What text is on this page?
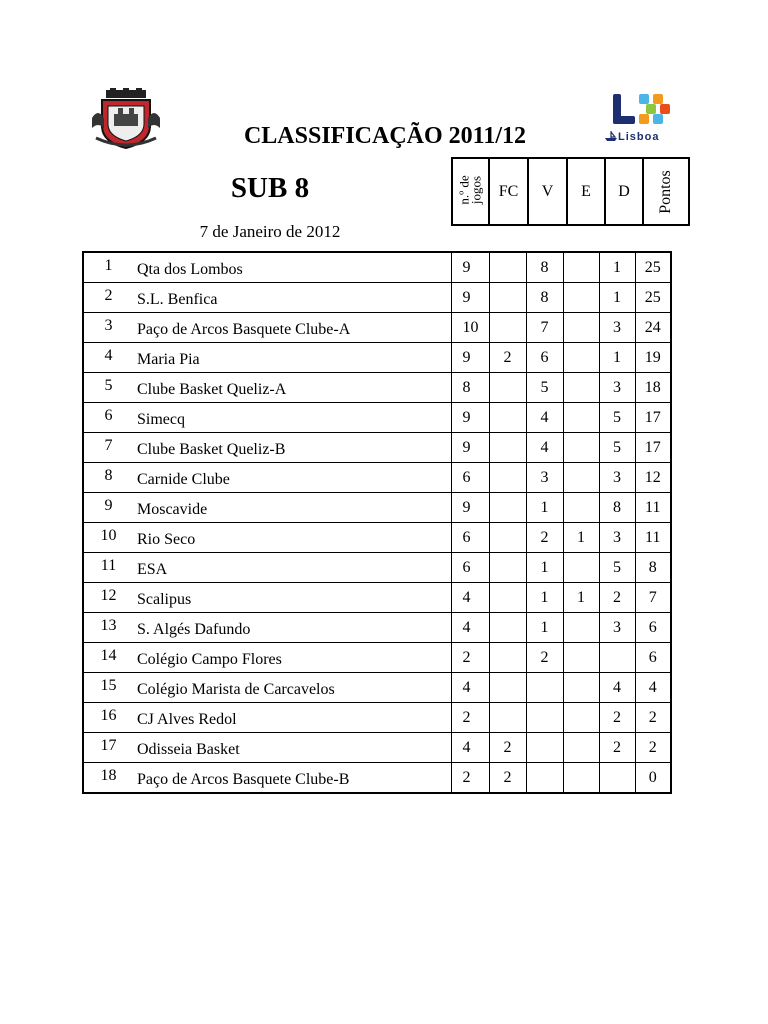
Lisboa
CLASSIFICAÇÃO 2011/12
SUB 8
7 de Janeiro de 2012
n.º de
jogos	FC	V	E	D	Pontos
1	Qta dos Lombos	9		8		1	25
2	S.L. Benfica	9		8		1	25
3	Paço de Arcos Basquete Clube-A	10		7		3	24
4	Maria Pia	9	2	6		1	19
5	Clube Basket Queliz-A	8		5		3	18
6	Simecq	9		4		5	17
7	Clube Basket Queliz-B	9		4		5	17
8	Carnide Clube	6		3		3	12
9	Moscavide	9		1		8	11
10	Rio Seco	6		2	1	3	11
11	ESA	6		1		5	8
12	Scalipus	4		1	1	2	7
13	S. Algés Dafundo	4		1		3	6
14	Colégio Campo Flores	2		2			6
15	Colégio Marista de Carcavelos	4				4	4
16	CJ Alves Redol	2				2	2
17	Odisseia Basket	4	2			2	2
18	Paço de Arcos Basquete Clube-B	2	2				0
